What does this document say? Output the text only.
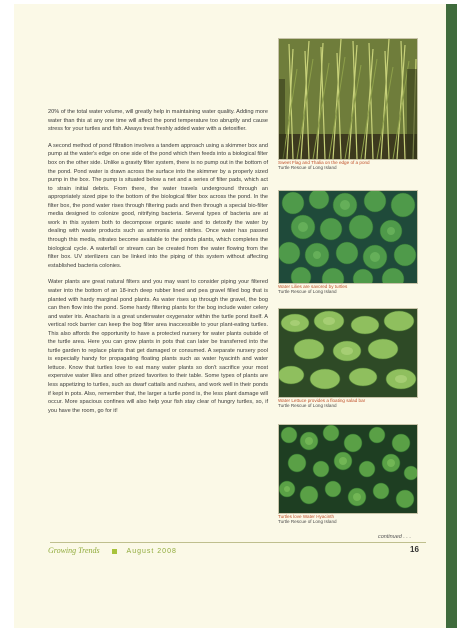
20% of the total water volume, will greatly help in maintaining water quality. Adding more water than this at any one time will affect the pond temperature too abruptly and cause stress for your turtles and fish. Always treat freshly added water with a detoxifier.

A second method of pond filtration involves a tandem approach using a skimmer box and pump at the water's edge on one side of the pond which then feeds into a biological filter box on the other side. Unlike a gravity filter system, there is no pump out in the bottom of the pond. Pond water is drawn across the surface into the skimmer by a properly sized pump in the box. The pump is situated below a net and a series of filter pads, which act to strain initial debris. From there, the water travels underground through an appropriately sized pipe to the bottom of the biological filter box across the pond. In the filter box, the pond water rises through filtering pads and then through a special bio-filter media designed to colonize good, nitrifying bacteria. Several types of bacteria are at work in this system both to decompose organic waste and to detoxify the water by dealing with waste products such as ammonia and nitrites. Once water has passed through this media, nitrates become available to the ponds plants, which completes the biological cycle. A waterfall or stream can be created from the water flowing from the filter box. UV sterilizers can be linked into the piping of this system without affecting established bacteria colonies.

Water plants are great natural filters and you may want to consider piping your filtered water into the bottom of an 18-inch deep rubber lined and pea gravel filled bog that is planted with hardy marginal pond plants. As water rises up through the gravel, the bog can then flow into the pond. Some hardy filtering plants for the bog include water celery and water iris. Anacharis is a great underwater oxygenator within the turtle pond itself. A vertical rock barrier can keep the bog filter area inaccessible to your plant-eating turtles. This also affords the opportunity to have a protected nursery for water plants outside of the turtle area. Here you can grow plants in pots that can later be transferred into the turtle garden to replace plants that get damaged or consumed. A separate nursery pool is especially handy for propagating floating plants such as water hyacinth and water lettuce. Know that turtles love to eat many water plants so don't sacrifice your most expensive water lilies and other prized favorites to their table. Some types of plants are less appetizing to turtles, such as dwarf cattails and rushes, and work well in their ponds if kept in pots. Also, remember that, the larger a turtle pond is, the less plant damage will occur. More spacious confines will also help your fish stay clear of hungry turtles, so, if you have the room, go for it!

Sweet Flag and Thalia on the edge of a pond
Turtle Rescue of Long Island
Water Lilies are savored by turtles
Turtle Rescue of Long Island
Water Lettuce provides a floating salad bar
Turtle Rescue of Long Island
Turtles love Water Hyacinth
Turtle Rescue of Long Island
continued . . .
Growing Trends	August 2008	16
